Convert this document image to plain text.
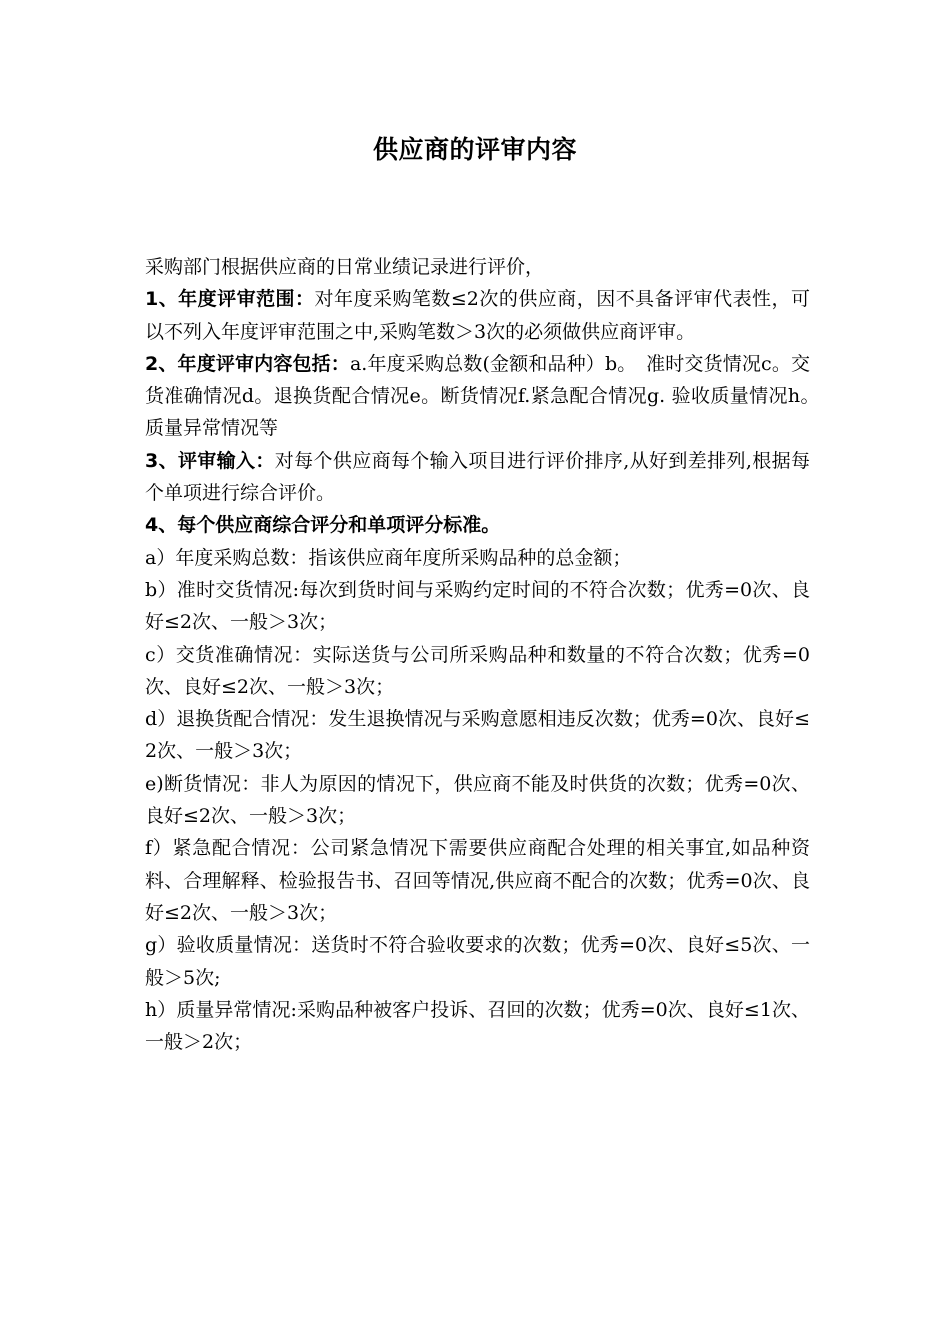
供应商的评审内容

采购部门根据供应商的日常业绩记录进行评价，

1、年度评审范围：对年度采购笔数≤2次的供应商，因不具备评审代表性，可以不列入年度评审范围之中,采购笔数＞3次的必须做供应商评审。

2、年度评审内容包括：a.年度采购总数(金额和品种）b。　准时交货情况c。交货准确情况d。退换货配合情况e。断货情况f.紧急配合情况g. 验收质量情况h。　质量异常情况等

3、评审输入：对每个供应商每个输入项目进行评价排序,从好到差排列,根据每个单项进行综合评价。

4、每个供应商综合评分和单项评分标准。

a）年度采购总数：指该供应商年度所采购品种的总金额；

b）准时交货情况:每次到货时间与采购约定时间的不符合次数；优秀=0次、良好≤2次、一般＞3次；

c）交货准确情况：实际送货与公司所采购品种和数量的不符合次数；优秀=0次、良好≤2次、一般＞3次；

d）退换货配合情况：发生退换情况与采购意愿相违反次数；优秀=0次、良好≤2次、一般＞3次；

e)断货情况：非人为原因的情况下，供应商不能及时供货的次数；优秀=0次、良好≤2次、一般＞3次；

f）紧急配合情况：公司紧急情况下需要供应商配合处理的相关事宜,如品种资料、合理解释、检验报告书、召回等情况,供应商不配合的次数；优秀=0次、良好≤2次、一般＞3次；

g）验收质量情况：送货时不符合验收要求的次数；优秀=0次、良好≤5次、一般＞5次;

h）质量异常情况:采购品种被客户投诉、召回的次数；优秀=0次、良好≤1次、一般＞2次；
